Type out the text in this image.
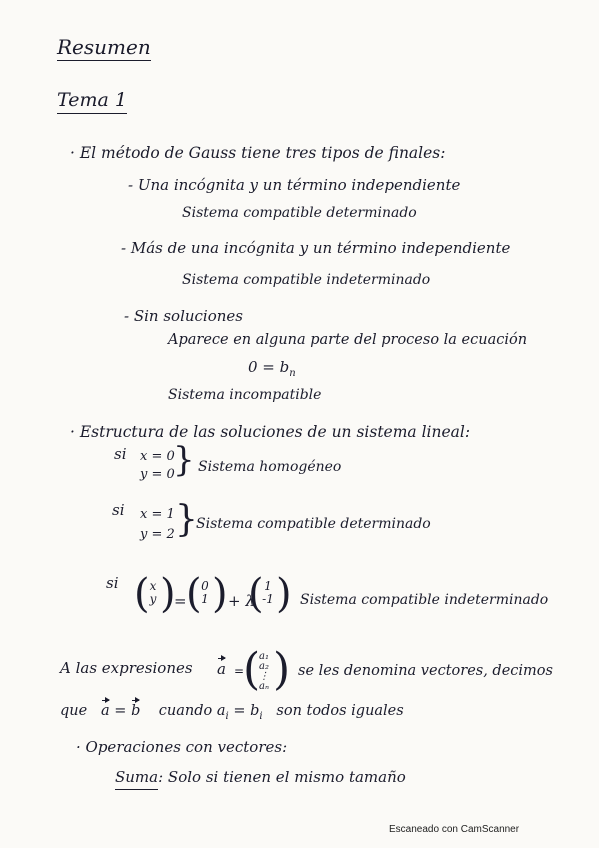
Resumen
Tema 1
· El método de Gauss tiene tres tipos de finales:
- Una incógnita y un término independiente
Sistema compatible determinado
- Más de una incógnita y un término independiente
Sistema compatible indeterminado
- Sin soluciones
Aparece en alguna parte del proceso la ecuación
$0 = b_n$
Sistema incompatible
· Estructura de las soluciones de un sistema lineal:
si x = 0
y = 0
} Sistema homogéneo
si x = 1
y = 2 }
Sistema compatible determinado
si ( x
y )
= ( 0
1 ) + λ
( 1
-1 ) Sistema compatible indeterminado
A las expresiones a =
(
a₁
a₂
⋮
aₙ ) se les denomina vectores, decimos
que a = b cuando $a_i = b_i$ son todos iguales
· Operaciones con vectores:
Suma: Solo si tienen el mismo tamaño
Escaneado con CamScanner
